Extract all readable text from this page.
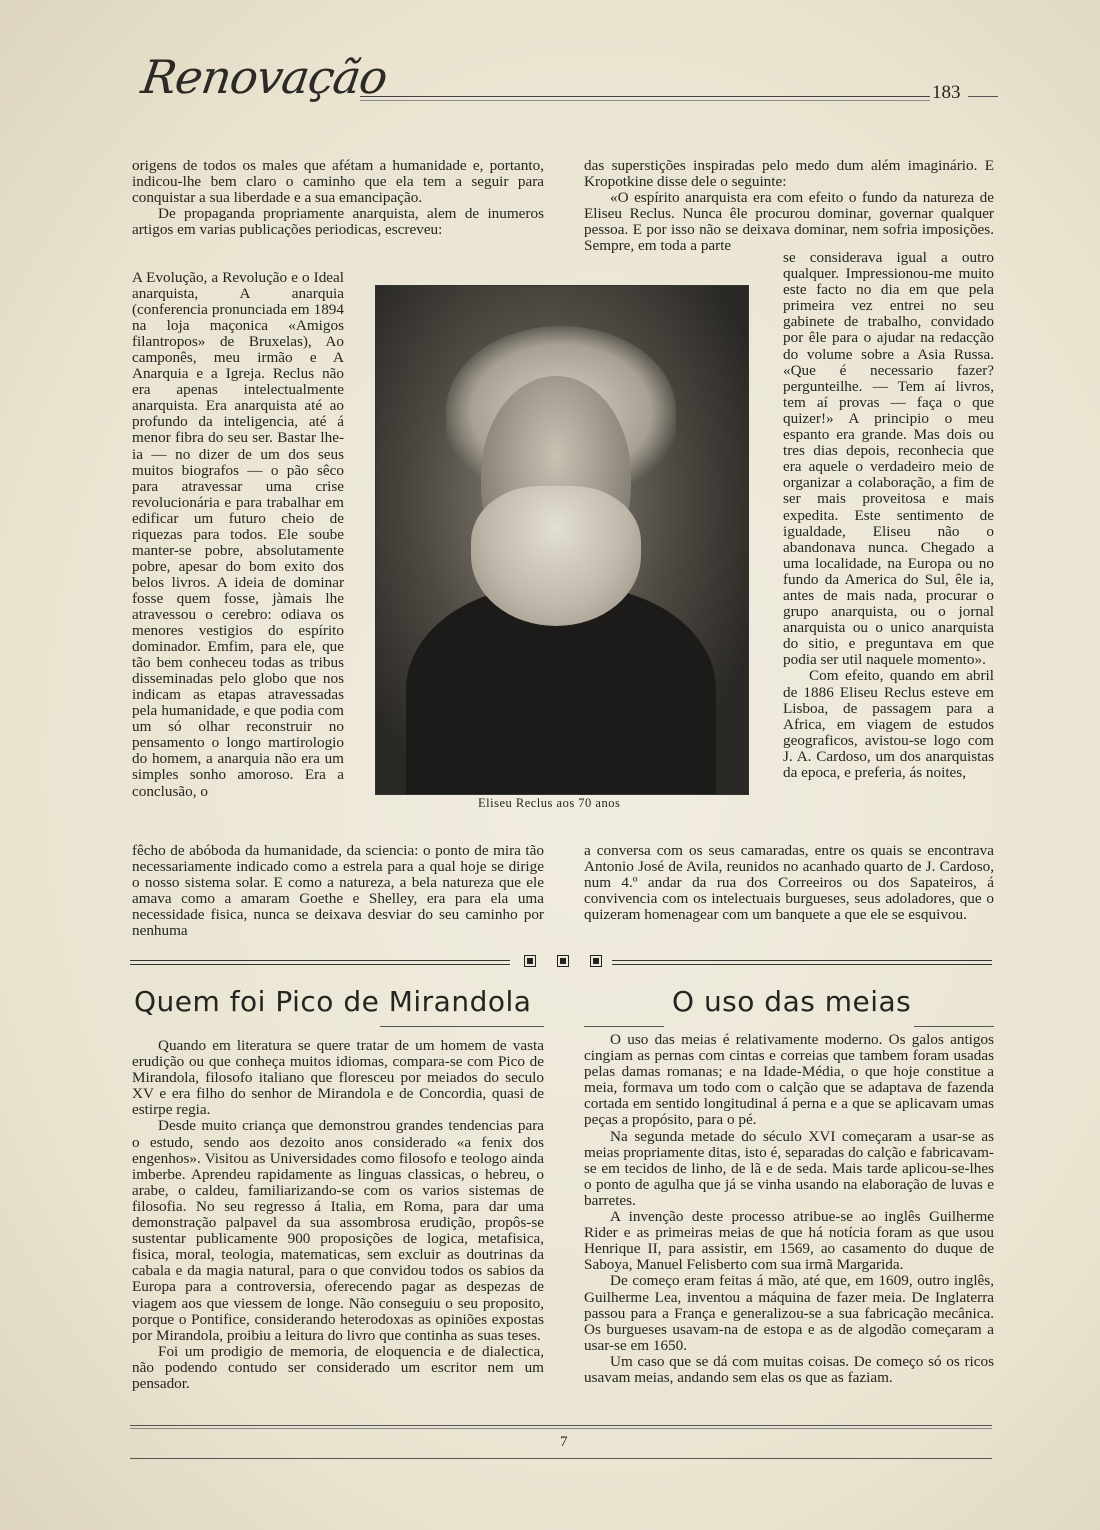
Renovação	183

origens de todos os males que afétam a humanidade e, portanto, indicou-lhe bem claro o caminho que ela tem a seguir para conquistar a sua liberdade e a sua emancipação.

De propaganda propriamente anarquista, alem de inumeros artigos em varias publicações periodicas, escreveu:

A Evolução, a Revolução e o Ideal anarquista, A anarquia (conferencia pronunciada em 1894 na loja maçonica «Amigos filantropos» de Bruxelas), Ao camponês, meu irmão e A Anarquia e a Igreja. Reclus não era apenas intelectualmente anarquista. Era anarquista até ao profundo da inteligencia, até á menor fibra do seu ser. Bastar lhe-ia — no dizer de um dos seus muitos biografos — o pão sêco para atravessar uma crise revolucionária e para trabalhar em edificar um futuro cheio de riquezas para todos. Ele soube manter-se pobre, absolutamente pobre, apesar do bom exito dos belos livros. A ideia de dominar fosse quem fosse, jàmais lhe atravessou o cerebro: odiava os menores vestigios do espírito dominador. Emfim, para ele, que tão bem conheceu todas as tribus disseminadas pelo globo que nos indicam as etapas atravessadas pela humanidade, e que podia com um só olhar reconstruir no pensamento o longo martirologio do homem, a anarquia não era um simples sonho amoroso. Era a conclusão, o

fêcho de abóboda da humanidade, da sciencia: o ponto de mira tão necessariamente indicado como a estrela para a qual hoje se dirige o nosso sistema solar. E como a natureza, a bela natureza que ele amava como a amaram Goethe e Shelley, era para ela uma necessidade fisica, nunca se deixava desviar do seu caminho por nenhuma

das superstições inspiradas pelo medo dum além imaginário. E Kropotkine disse dele o seguinte:

«O espírito anarquista era com efeito o fundo da natureza de Eliseu Reclus. Nunca êle procurou dominar, governar qualquer pessoa. E por isso não se deixava dominar, nem sofria imposições. Sempre, em toda a parte

se considerava igual a outro qualquer. Impressionou-me muito este facto no dia em que pela primeira vez entrei no seu gabinete de trabalho, convidado por êle para o ajudar na redacção do volume sobre a Asia Russa. «Que é necessario fazer? pergunteilhe. — Tem aí livros, tem aí provas — faça o que quizer!» A principio o meu espanto era grande. Mas dois ou tres dias depois, reconhecia que era aquele o verdadeiro meio de organizar a colaboração, a fim de ser mais proveitosa e mais expedita. Este sentimento de igualdade, Eliseu não o abandonava nunca. Chegado a uma localidade, na Europa ou no fundo da America do Sul, êle ia, antes de mais nada, procurar o grupo anarquista, ou o jornal anarquista ou o unico anarquista do sitio, e preguntava em que podia ser util naquele momento».

Com efeito, quando em abril de 1886 Eliseu Reclus esteve em Lisboa, de passagem para a Africa, em viagem de estudos geograficos, avistou-se logo com J. A. Cardoso, um dos anarquistas da epoca, e preferia, ás noites,

a conversa com os seus camaradas, entre os quais se encontrava Antonio José de Avila, reunidos no acanhado quarto de J. Cardoso, num 4.º andar da rua dos Correeiros ou dos Sapateiros, á convivencia com os intelectuais burgueses, seus adoladores, que o quizeram homenagear com um banquete a que ele se esquivou.

Eliseu Reclus aos 70 anos
Quem foi Pico de Mirandola

Quando em literatura se quere tratar de um homem de vasta erudição ou que conheça muitos idiomas, compara-se com Pico de Mirandola, filosofo italiano que floresceu por meiados do seculo XV e era filho do senhor de Mirandola e de Concordia, quasi de estirpe regia.

Desde muito criança que demonstrou grandes tendencias para o estudo, sendo aos dezoito anos considerado «a fenix dos engenhos». Visitou as Universidades como filosofo e teologo ainda imberbe. Aprendeu rapidamente as linguas classicas, o hebreu, o arabe, o caldeu, familiarizando-se com os varios sistemas de filosofia. No seu regresso á Italia, em Roma, para dar uma demonstração palpavel da sua assombrosa erudição, propôs-se sustentar publicamente 900 proposições de logica, metafisica, fisica, moral, teologia, matematicas, sem excluir as doutrinas da cabala e da magia natural, para o que convidou todos os sabios da Europa para a controversia, oferecendo pagar as despezas de viagem aos que viessem de longe. Não conseguiu o seu proposito, porque o Pontifice, considerando heterodoxas as opiniões expostas por Mirandola, proibiu a leitura do livro que continha as suas teses.

Foi um prodigio de memoria, de eloquencia e de dialectica, não podendo contudo ser considerado um escritor nem um pensador.

O uso das meias

O uso das meias é relativamente moderno. Os galos antigos cingiam as pernas com cintas e correias que tambem foram usadas pelas damas romanas; e na Idade-Média, o que hoje constitue a meia, formava um todo com o calção que se adaptava de fazenda cortada em sentido longitudinal á perna e a que se aplicavam umas peças a propósito, para o pé.

Na segunda metade do século XVI começaram a usar-se as meias propriamente ditas, isto é, separadas do calção e fabricavam-se em tecidos de linho, de lã e de seda. Mais tarde aplicou-se-lhes o ponto de agulha que já se vinha usando na elaboração de luvas e barretes.

A invenção deste processo atribue-se ao inglês Guilherme Rider e as primeiras meias de que há notícia foram as que usou Henrique II, para assistir, em 1569, ao casamento do duque de Saboya, Manuel Felisberto com sua irmã Margarida.

De começo eram feitas á mão, até que, em 1609, outro inglês, Guilherme Lea, inventou a máquina de fazer meia. De Inglaterra passou para a França e generalizou-se a sua fabricação mecânica. Os burgueses usavam-na de estopa e as de algodão começaram a usar-se em 1650.

Um caso que se dá com muitas coisas. De começo só os ricos usavam meias, andando sem elas os que as faziam.

7
